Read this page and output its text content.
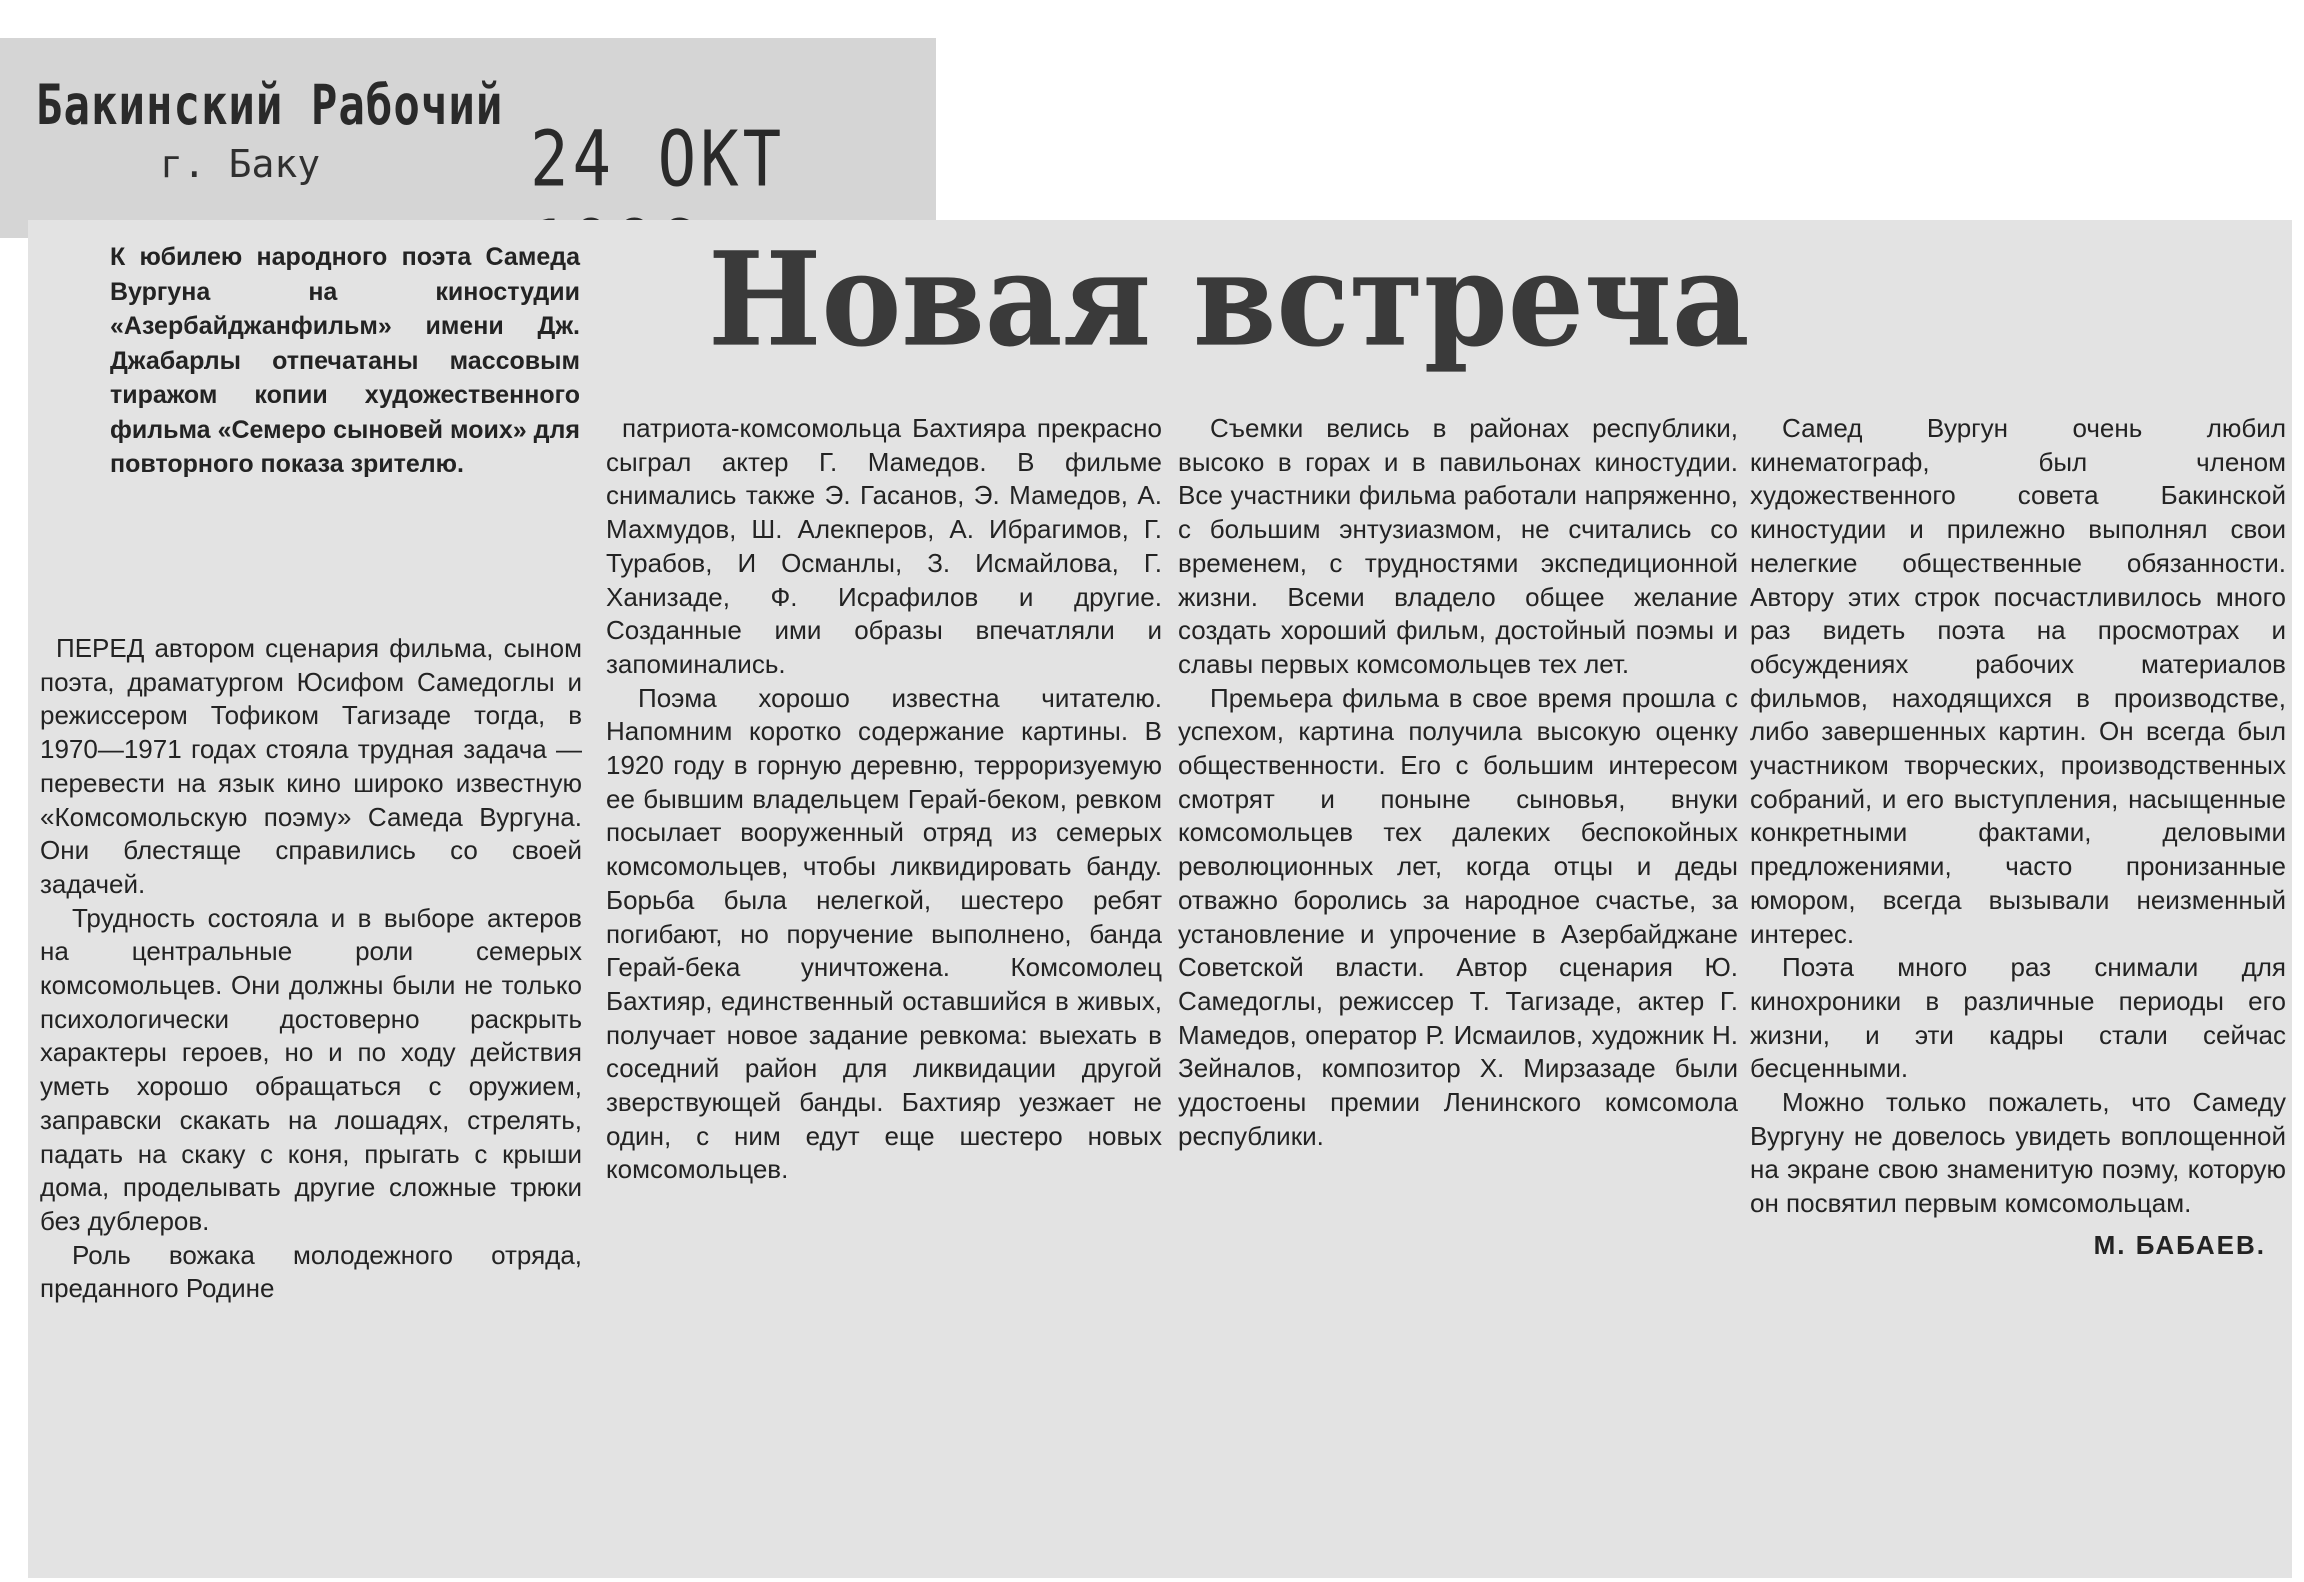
Бакинский Рабочий
г. Баку	24 ОКТ
К юбилею народного поэта Самеда Вургуна на киностудии «Азербайджанфильм» имени Дж. Джабарлы отпечатаны массовым тиражом копии художественного фильма «Семеро сыновей моих» для повторного показа зрителю.
Новая встреча

ПЕРЕД автором сценария фильма, сыном поэта, драматургом Юсифом Самедоглы и режиссером Тофиком Тагизаде тогда, в 1970—1971 годах стояла трудная задача — перевести на язык кино широко известную «Комсомольскую поэму» Самеда Вургуна. Они блестяще справились со своей задачей.

Трудность состояла и в выборе актеров на центральные роли семерых комсомольцев. Они должны были не только психологически достоверно раскрыть характеры героев, но и по ходу действия уметь хорошо обращаться с оружием, заправски скакать на лошадях, стрелять, падать на скаку с коня, прыгать с крыши дома, проделывать другие сложные трюки без дублеров.

Роль вожака молодежного отряда, преданного Родине

патриота-комсомольца Бахтияра прекрасно сыграл актер Г. Мамедов. В фильме снимались также Э. Гасанов, Э. Мамедов, А. Махмудов, Ш. Алекперов, А. Ибрагимов, Г. Турабов, И Османлы, З. Исмайлова, Г. Ханизаде, Ф. Исрафилов и другие. Созданные ими образы впечатляли и запоминались.

Поэма хорошо известна читателю. Напомним коротко содержание картины. В 1920 году в горную деревню, терроризуемую ее бывшим владельцем Герай-беком, ревком посылает вооруженный отряд из семерых комсомольцев, чтобы ликвидировать банду. Борьба была нелегкой, шестеро ребят погибают, но поручение выполнено, банда Герай-бека уничтожена. Комсомолец Бахтияр, единственный оставшийся в живых, получает новое задание ревкома: выехать в соседний район для ликвидации другой зверствующей банды. Бахтияр уезжает не один, с ним едут еще шестеро новых комсомольцев.

Съемки велись в районах республики, высоко в горах и в павильонах киностудии. Все участники фильма работали напряженно, с большим энтузиазмом, не считались со временем, с трудностями экспедиционной жизни. Всеми владело общее желание создать хороший фильм, достойный поэмы и славы первых комсомольцев тех лет.

Премьера фильма в свое время прошла с успехом, картина получила высокую оценку общественности. Его с большим интересом смотрят и поныне сыновья, внуки комсомольцев тех далеких беспокойных революционных лет, когда отцы и деды отважно боролись за народное счастье, за установление и упрочение в Азербайджане Советской власти. Автор сценария Ю. Самедоглы, режиссер Т. Тагизаде, актер Г. Мамедов, оператор Р. Исмаилов, художник Н. Зейналов, композитор Х. Мирзазаде были удостоены премии Ленинского комсомола республики.

Самед Вургун очень любил кинематограф, был членом художественного совета Бакинской киностудии и прилежно выполнял свои нелегкие общественные обязанности. Автору этих строк посчастливилось много раз видеть поэта на просмотрах и обсуждениях рабочих материалов фильмов, находящихся в производстве, либо завершенных картин. Он всегда был участником творческих, производственных собраний, и его выступления, насыщенные конкретными фактами, деловыми предложениями, часто пронизанные юмором, всегда вызывали неизменный интерес.

Поэта много раз снимали для кинохроники в различные периоды его жизни, и эти кадры стали сейчас бесценными.

Можно только пожалеть, что Самеду Вургуну не довелось увидеть воплощенной на экране свою знаменитую поэму, которую он посвятил первым комсомольцам.

М. БАБАЕВ.
